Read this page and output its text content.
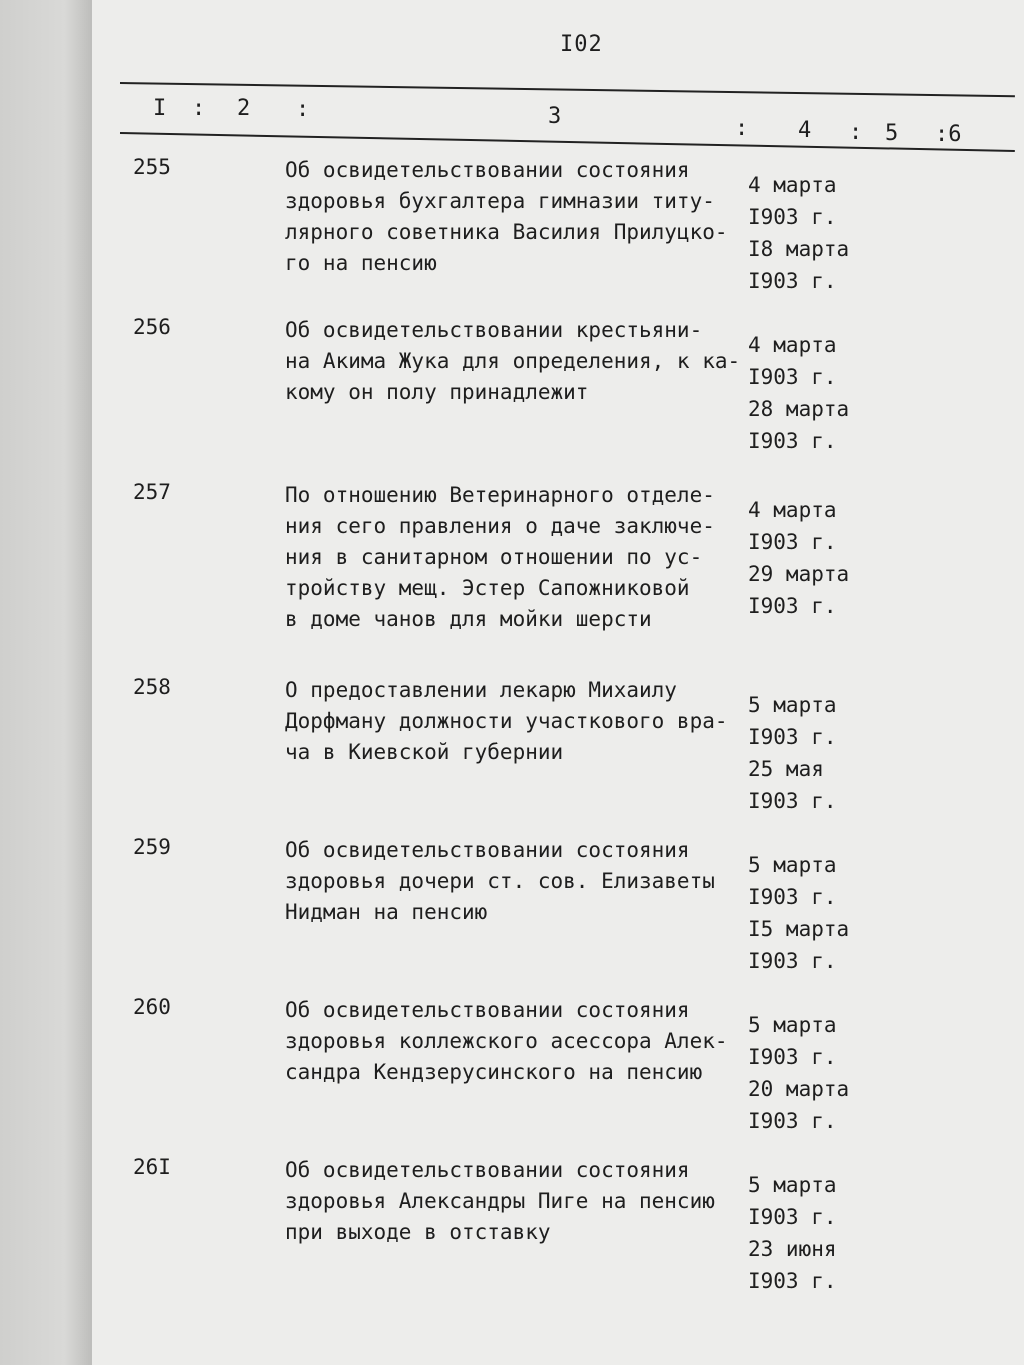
I02
I : 2 :	3	: 4 : 5 :6
255	Об освидетельствовании состояния
здоровья бухгалтера гимназии титу-
лярного советника Василия Прилуцко-
го на пенсию
4 марта
I903 г.
I8 марта
I903 г.
256	Об освидетельствовании крестьяни-
на Акима Жука для определения, к ка-
кому он полу принадлежит
4 марта
I903 г.
28 марта
I903 г.
257	По отношению Ветеринарного отделе-
ния сего правления о даче заключе-
ния в санитарном отношении по ус-
тройству мещ. Эстер Сапожниковой
в доме чанов для мойки шерсти
4 марта
I903 г.
29 марта
I903 г.
258	О предоставлении лекарю Михаилу
Дорфману должности участкового вра-
ча в Киевской губернии
5 марта
I903 г.
25 мая
I903 г.
259	Об освидетельствовании состояния
здоровья дочери ст. сов. Елизаветы
Нидман на пенсию
5 марта
I903 г.
I5 марта
I903 г.
260	Об освидетельствовании состояния
здоровья коллежского асессора Алек-
сандра Кендзерусинского на пенсию
5 марта
I903 г.
20 марта
I903 г.
26I	Об освидетельствовании состояния
здоровья Александры Пиге на пенсию
при выходе в отставку
5 марта
I903 г.
23 июня
I903 г.
